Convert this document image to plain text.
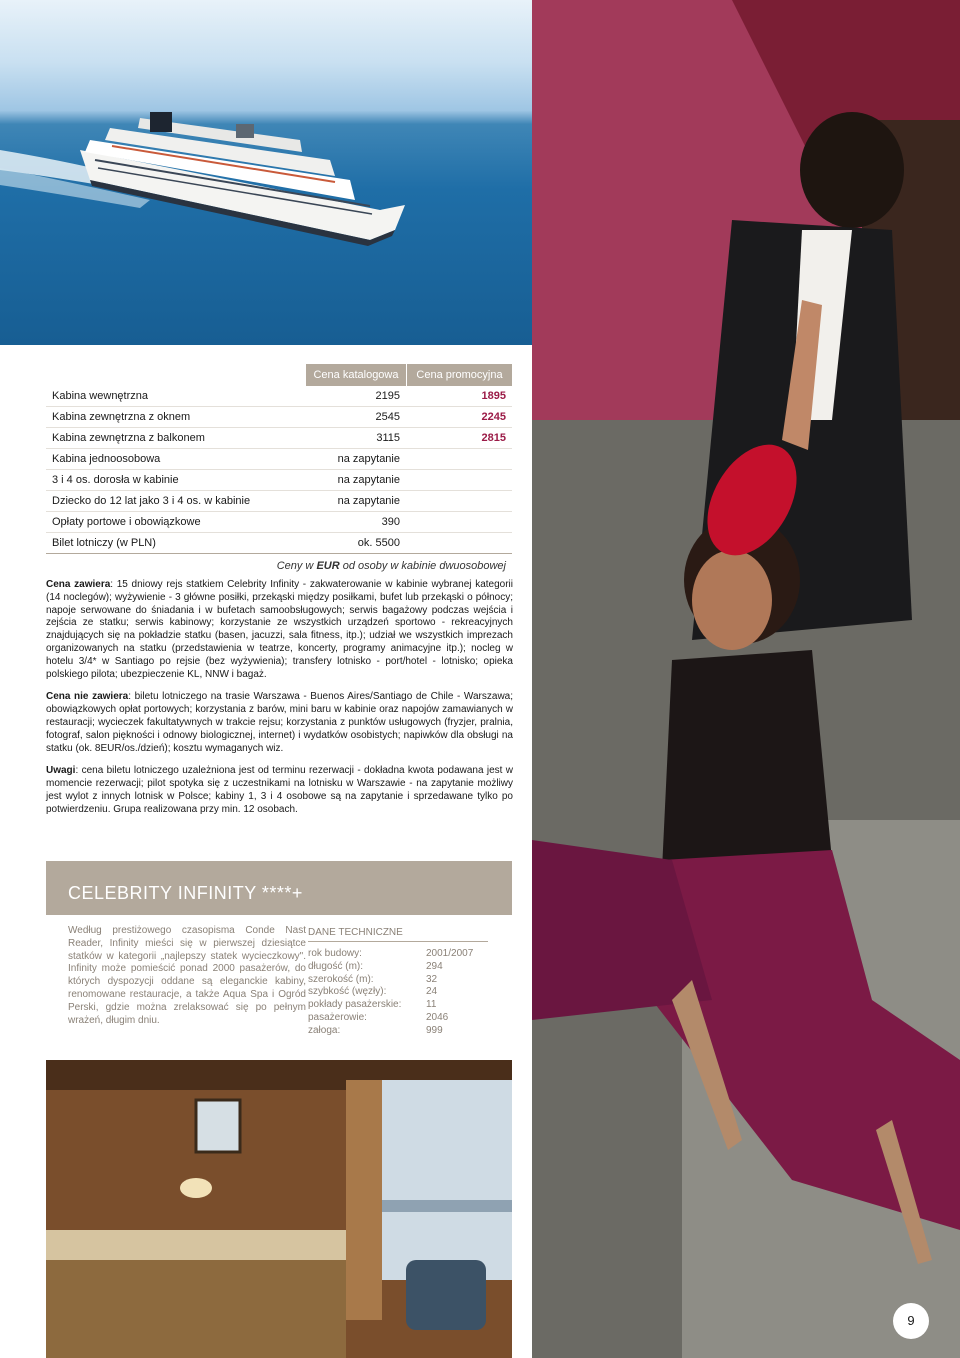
Cena katalogowa	Cena promocyjna
Kabina wewnętrzna	2195	1895
Kabina zewnętrzna z oknem	2545	2245
Kabina zewnętrzna z balkonem	3115	2815
Kabina jednoosobowa	na zapytanie
3 i 4 os. dorosła w kabinie	na zapytanie
Dziecko do 12 lat jako 3 i 4 os. w kabinie	na zapytanie
Opłaty portowe i obowiązkowe	390
Bilet lotniczy (w PLN)	ok. 5500
Ceny w EUR od osoby w kabinie dwuosobowej

Cena zawiera: 15 dniowy rejs statkiem Celebrity Infinity - zakwaterowanie w kabinie wybranej kategorii (14 noclegów); wyżywienie - 3 główne posiłki, przekąski między posiłkami, bufet lub przekąski o północy; napoje serwowane do śniadania i w bufetach samoobsługowych; serwis bagażowy podczas wejścia i zejścia ze statku; serwis kabinowy; korzystanie ze wszystkich urządzeń sportowo - rekreacyjnych znajdujących się na pokładzie statku (basen, jacuzzi, sala fitness, itp.); udział we wszystkich imprezach organizowanych na statku (przedstawienia w teatrze, koncerty, programy animacyjne itp.); nocleg w hotelu 3/4* w Santiago po rejsie (bez wyżywienia); transfery lotnisko - port/hotel - lotnisko; opieka polskiego pilota; ubezpieczenie KL, NNW i bagaż.

Cena nie zawiera: biletu lotniczego na trasie Warszawa - Buenos Aires/Santiago de Chile - Warszawa; obowiązkowych opłat portowych; korzystania z barów, mini baru w kabinie oraz napojów zamawianych w restauracji; wycieczek fakultatywnych w trakcie rejsu; korzystania z punktów usługowych (fryzjer, pralnia, fotograf, salon piękności i odnowy biologicznej, internet) i wydatków osobistych; napiwków dla obsługi na statku (ok. 8EUR/os./dzień); kosztu wymaganych wiz.

Uwagi: cena biletu lotniczego uzależniona jest od terminu rezerwacji - dokładna kwota podawana jest w momencie rezerwacji; pilot spotyka się z uczestnikami na lotnisku w Warszawie - na zapytanie możliwy jest wylot z innych lotnisk w Polsce; kabiny 1, 3 i 4 osobowe są na zapytanie i sprzedawane tylko po potwierdzeniu. Grupa realizowana przy min. 12 osobach.

CELEBRITY INFINITY ****+
Według prestiżowego czasopisma Conde Nast Reader, Infinity mieści się w pierwszej dziesiątce statków w kategorii „najlepszy statek wycieczkowy". Infinity może pomieścić ponad 2000 pasażerów, do których dyspozycji oddane są eleganckie kabiny, renomowane restauracje, a także Aqua Spa i Ogród Perski, gdzie można zrelaksować się po pełnym wrażeń, długim dniu.
DANE TECHNICZNE
rok budowy:	2001/2007
długość (m):	294
szerokość (m):	32
szybkość (węzły):	24
pokłady pasażerskie: 11
pasażerowie:	2046
załoga:	999
9
